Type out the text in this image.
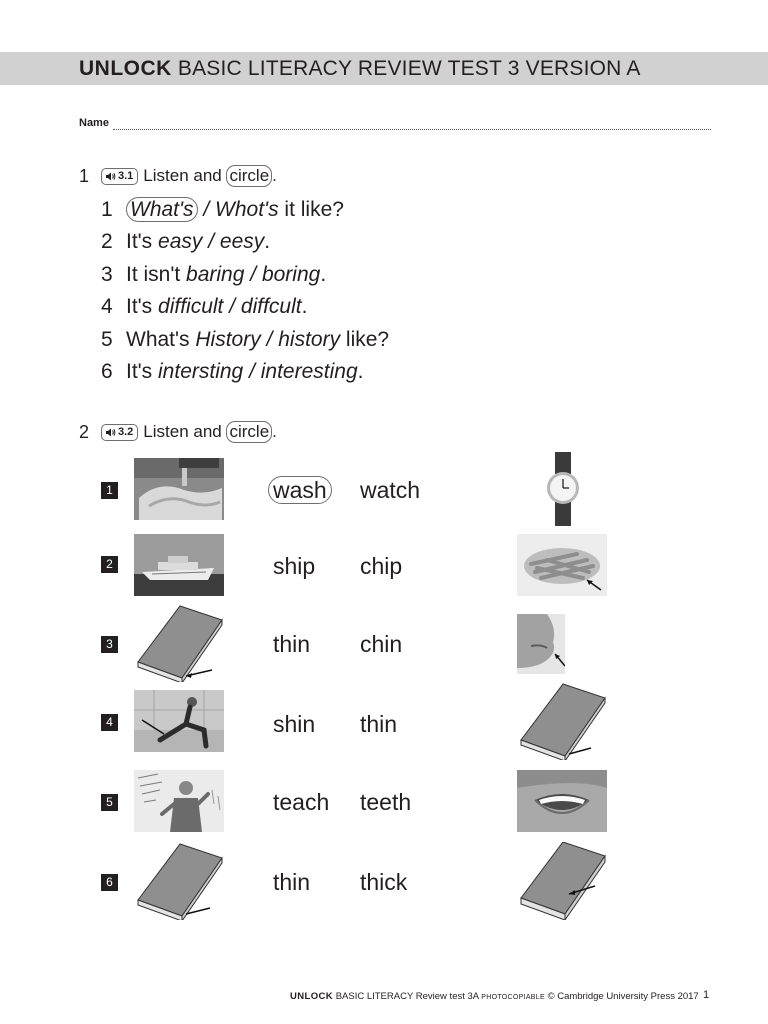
UNLOCK BASIC LITERACY REVIEW TEST 3 VERSION A
Name
1	3.1 Listen and circle .
1 What's / Whot's it like?
2 It's easy / eesy.
3 It isn't baring / boring.
4 It's difficult / diffcult.
5 What's History / history like?
6 It's intersting / interesting.
2	3.2 Listen and circle .
1	wash watch
2	ship chip
3	thin chin
4	shin thin
5	teach teeth
6	thin thick
UNLOCK BASIC LITERACY Review test 3A PHOTOCOPIABLE © Cambridge University Press 2017 1
